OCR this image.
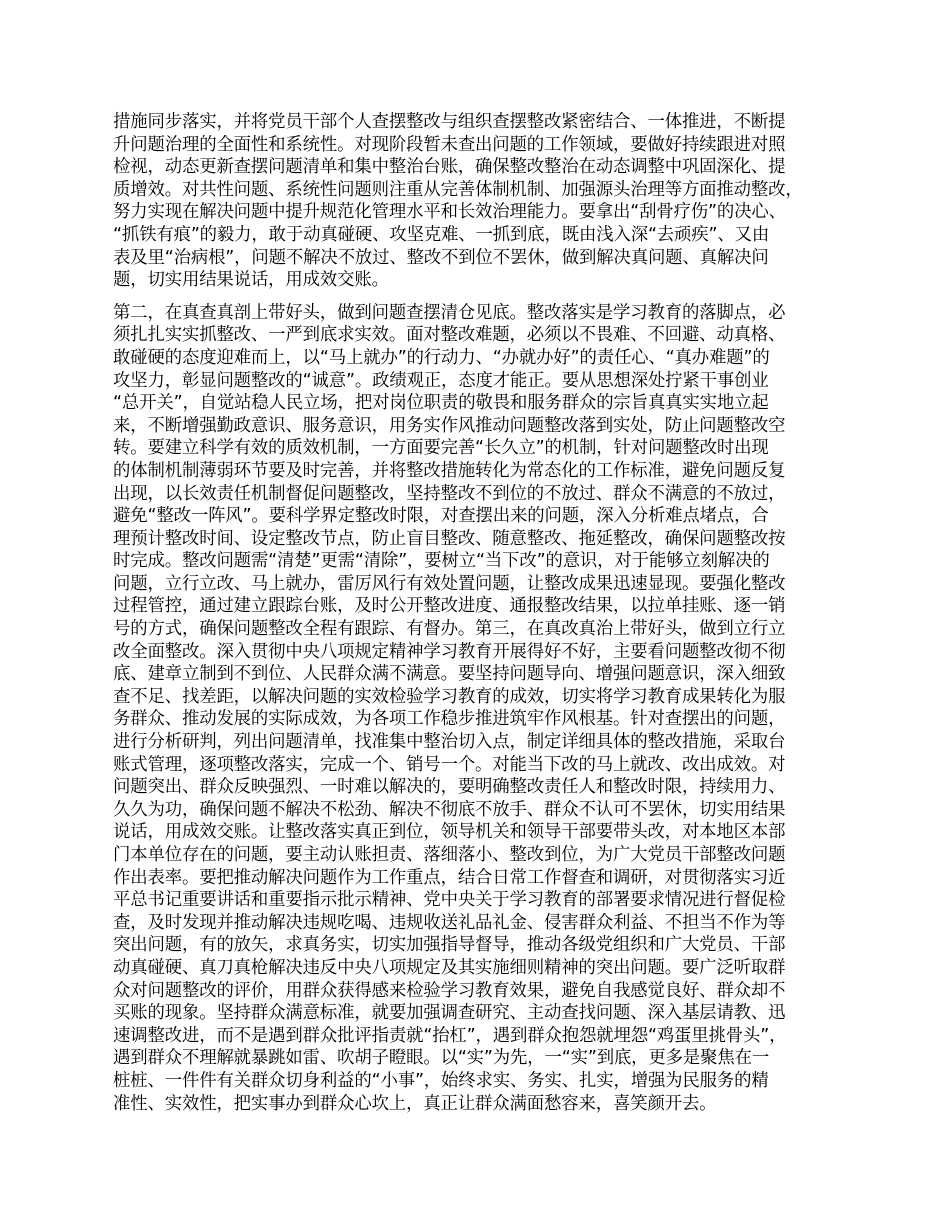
措施同步落实，并将党员干部个人查摆整改与组织查摆整改紧密结合、一体推进，不断提
升问题治理的全面性和系统性。对现阶段暂未查出问题的工作领域，要做好持续跟进对照
检视，动态更新查摆问题清单和集中整治台账，确保整改整治在动态调整中巩固深化、提
质增效。对共性问题、系统性问题则注重从完善体制机制、加强源头治理等方面推动整改，
努力实现在解决问题中提升规范化管理水平和长效治理能力。要拿出“刮骨疗伤”的决心、
“抓铁有痕”的毅力，敢于动真碰硬、攻坚克难、一抓到底，既由浅入深“去顽疾”、又由
表及里“治病根”，问题不解决不放过、整改不到位不罢休，做到解决真问题、真解决问
题，切实用结果说话，用成效交账。

第二，在真查真剖上带好头，做到问题查摆清仓见底。整改落实是学习教育的落脚点，必
须扎扎实实抓整改、一严到底求实效。面对整改难题，必须以不畏难、不回避、动真格、
敢碰硬的态度迎难而上，以“马上就办”的行动力、“办就办好”的责任心、“真办难题”的
攻坚力，彰显问题整改的“诚意”。政绩观正，态度才能正。要从思想深处拧紧干事创业
“总开关”，自觉站稳人民立场，把对岗位职责的敬畏和服务群众的宗旨真真实实地立起
来，不断增强勤政意识、服务意识，用务实作风推动问题整改落到实处，防止问题整改空
转。要建立科学有效的质效机制，一方面要完善“长久立”的机制，针对问题整改时出现
的体制机制薄弱环节要及时完善，并将整改措施转化为常态化的工作标准，避免问题反复
出现，以长效责任机制督促问题整改，坚持整改不到位的不放过、群众不满意的不放过，
避免“整改一阵风”。要科学界定整改时限，对查摆出来的问题，深入分析难点堵点，合
理预计整改时间、设定整改节点，防止盲目整改、随意整改、拖延整改，确保问题整改按
时完成。整改问题需“清楚”更需“清除”，要树立“当下改”的意识，对于能够立刻解决的
问题，立行立改、马上就办，雷厉风行有效处置问题，让整改成果迅速显现。要强化整改
过程管控，通过建立跟踪台账，及时公开整改进度、通报整改结果，以拉单挂账、逐一销
号的方式，确保问题整改全程有跟踪、有督办。第三，在真改真治上带好头，做到立行立
改全面整改。深入贯彻中央八项规定精神学习教育开展得好不好，主要看问题整改彻不彻
底、建章立制到不到位、人民群众满不满意。要坚持问题导向、增强问题意识，深入细致
查不足、找差距，以解决问题的实效检验学习教育的成效，切实将学习教育成果转化为服
务群众、推动发展的实际成效，为各项工作稳步推进筑牢作风根基。针对查摆出的问题，
进行分析研判，列出问题清单，找准集中整治切入点，制定详细具体的整改措施，采取台
账式管理，逐项整改落实，完成一个、销号一个。对能当下改的马上就改、改出成效。对
问题突出、群众反映强烈、一时难以解决的，要明确整改责任人和整改时限，持续用力、
久久为功，确保问题不解决不松劲、解决不彻底不放手、群众不认可不罢休，切实用结果
说话，用成效交账。让整改落实真正到位，领导机关和领导干部要带头改，对本地区本部
门本单位存在的问题，要主动认账担责、落细落小、整改到位，为广大党员干部整改问题
作出表率。要把推动解决问题作为工作重点，结合日常工作督查和调研，对贯彻落实习近
平总书记重要讲话和重要指示批示精神、党中央关于学习教育的部署要求情况进行督促检
查，及时发现并推动解决违规吃喝、违规收送礼品礼金、侵害群众利益、不担当不作为等
突出问题，有的放矢，求真务实，切实加强指导督导，推动各级党组织和广大党员、干部
动真碰硬、真刀真枪解决违反中央八项规定及其实施细则精神的突出问题。要广泛听取群
众对问题整改的评价，用群众获得感来检验学习教育效果，避免自我感觉良好、群众却不
买账的现象。坚持群众满意标准，就要加强调查研究、主动查找问题、深入基层请教、迅
速调整改进，而不是遇到群众批评指责就“抬杠”，遇到群众抱怨就埋怨“鸡蛋里挑骨头”，
遇到群众不理解就暴跳如雷、吹胡子瞪眼。以“实”为先，一“实”到底，更多是聚焦在一
桩桩、一件件有关群众切身利益的“小事”，始终求实、务实、扎实，增强为民服务的精
准性、实效性，把实事办到群众心坎上，真正让群众满面愁容来，喜笑颜开去。
